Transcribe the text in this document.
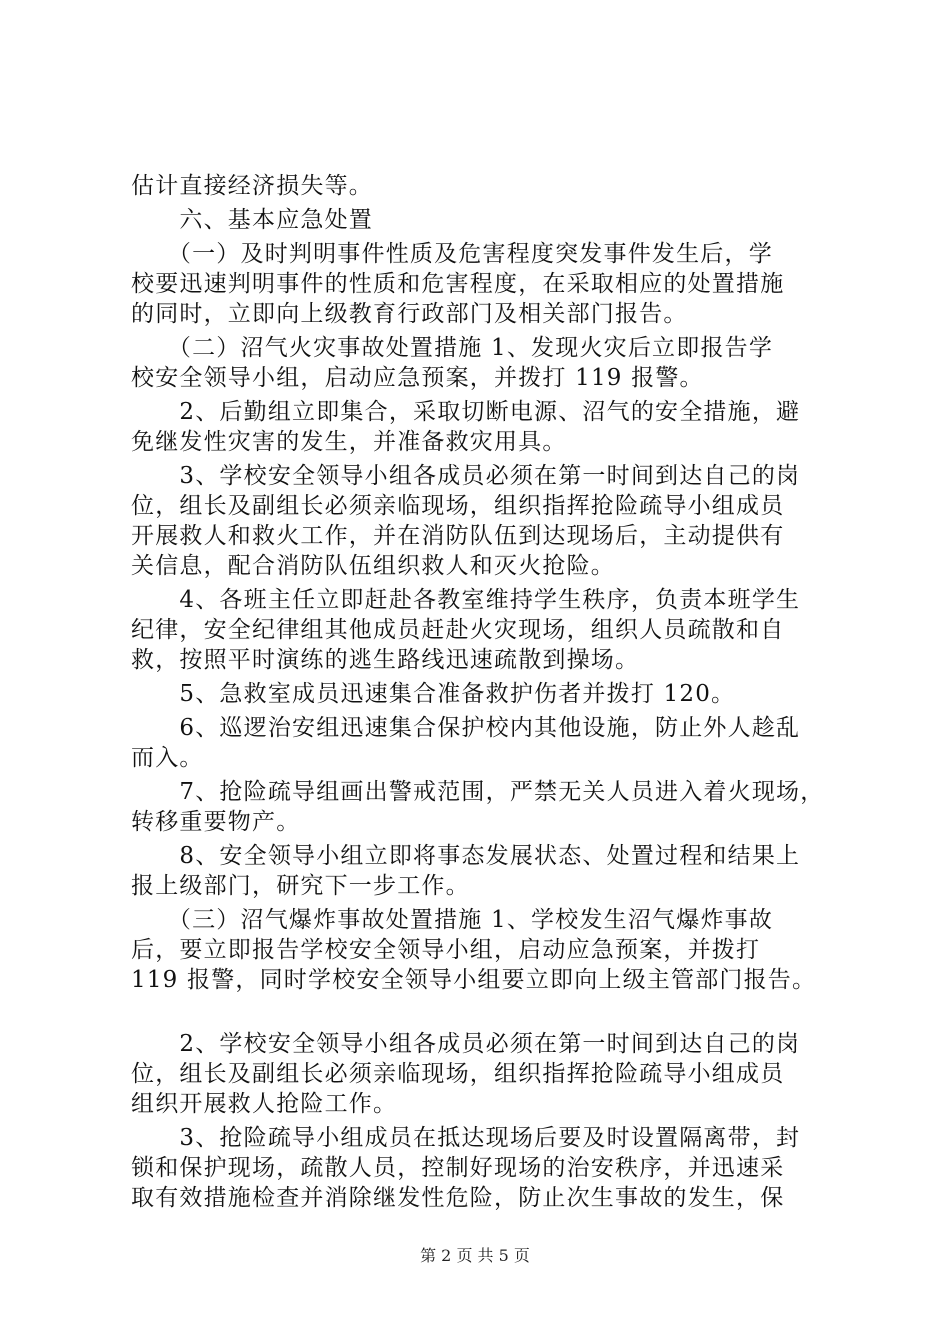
估计直接经济损失等。
　　六、基本应急处置
　　（一）及时判明事件性质及危害程度突发事件发生后，学
校要迅速判明事件的性质和危害程度，在采取相应的处置措施
的同时，立即向上级教育行政部门及相关部门报告。
　　（二）沼气火灾事故处置措施 1、发现火灾后立即报告学
校安全领导小组，启动应急预案，并拨打 119 报警。
　　2、后勤组立即集合，采取切断电源、沼气的安全措施，避
免继发性灾害的发生，并准备救灾用具。
　　3、学校安全领导小组各成员必须在第一时间到达自己的岗
位，组长及副组长必须亲临现场，组织指挥抢险疏导小组成员
开展救人和救火工作，并在消防队伍到达现场后，主动提供有
关信息，配合消防队伍组织救人和灭火抢险。
　　4、各班主任立即赶赴各教室维持学生秩序，负责本班学生
纪律，安全纪律组其他成员赶赴火灾现场，组织人员疏散和自
救，按照平时演练的逃生路线迅速疏散到操场。
　　5、急救室成员迅速集合准备救护伤者并拨打 120。
　　6、巡逻治安组迅速集合保护校内其他设施，防止外人趁乱
而入。
　　7、抢险疏导组画出警戒范围，严禁无关人员进入着火现场，
转移重要物产。
　　8、安全领导小组立即将事态发展状态、处置过程和结果上
报上级部门，研究下一步工作。
　　（三）沼气爆炸事故处置措施 1、学校发生沼气爆炸事故
后，要立即报告学校安全领导小组，启动应急预案，并拨打
119 报警，同时学校安全领导小组要立即向上级主管部门报告。
　　2、学校安全领导小组各成员必须在第一时间到达自己的岗
位，组长及副组长必须亲临现场，组织指挥抢险疏导小组成员
组织开展救人抢险工作。
　　3、抢险疏导小组成员在抵达现场后要及时设置隔离带，封
锁和保护现场，疏散人员，控制好现场的治安秩序，并迅速采
取有效措施检查并消除继发性危险，防止次生事故的发生，保
第 2 页 共 5 页
